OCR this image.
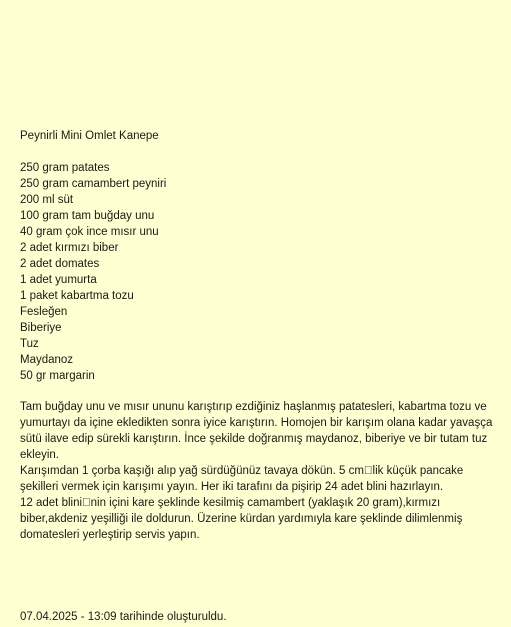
Peynirli Mini Omlet Kanepe
250 gram patates
250 gram camambert peyniri
200 ml süt
100 gram tam buğday unu
40 gram çok ince mısır unu
2 adet kırmızı biber
2 adet domates
1 adet yumurta
1 paket kabartma tozu
Fesleğen
Biberiye
Tuz
Maydanoz
50 gr margarin

Tam buğday unu ve mısır ununu karıştırıp ezdiğiniz haşlanmış patatesleri, kabartma tozu ve yumurtayı da içine ekledikten sonra iyice karıştırın. Homojen bir karışım olana kadar yavaşça sütü ilave edip sürekli karıştırın. İnce şekilde doğranmış maydanoz, biberiye ve bir tutam tuz ekleyin.

Karışımdan 1 çorba kaşığı alıp yağ sürdüğünüz tavaya dökün. 5 cm lik küçük pancake şekilleri vermek için karışımı yayın. Her iki tarafını da pişirip 24 adet blini hazırlayın.

12 adet blini nin içini kare şeklinde kesilmiş camambert (yaklaşık 20 gram),kırmızı biber,akdeniz yeşilliği ile doldurun. Üzerine kürdan yardımıyla kare şeklinde dilimlenmiş domatesleri yerleştirip servis yapın.

07.04.2025 - 13:09 tarihinde oluşturuldu.
